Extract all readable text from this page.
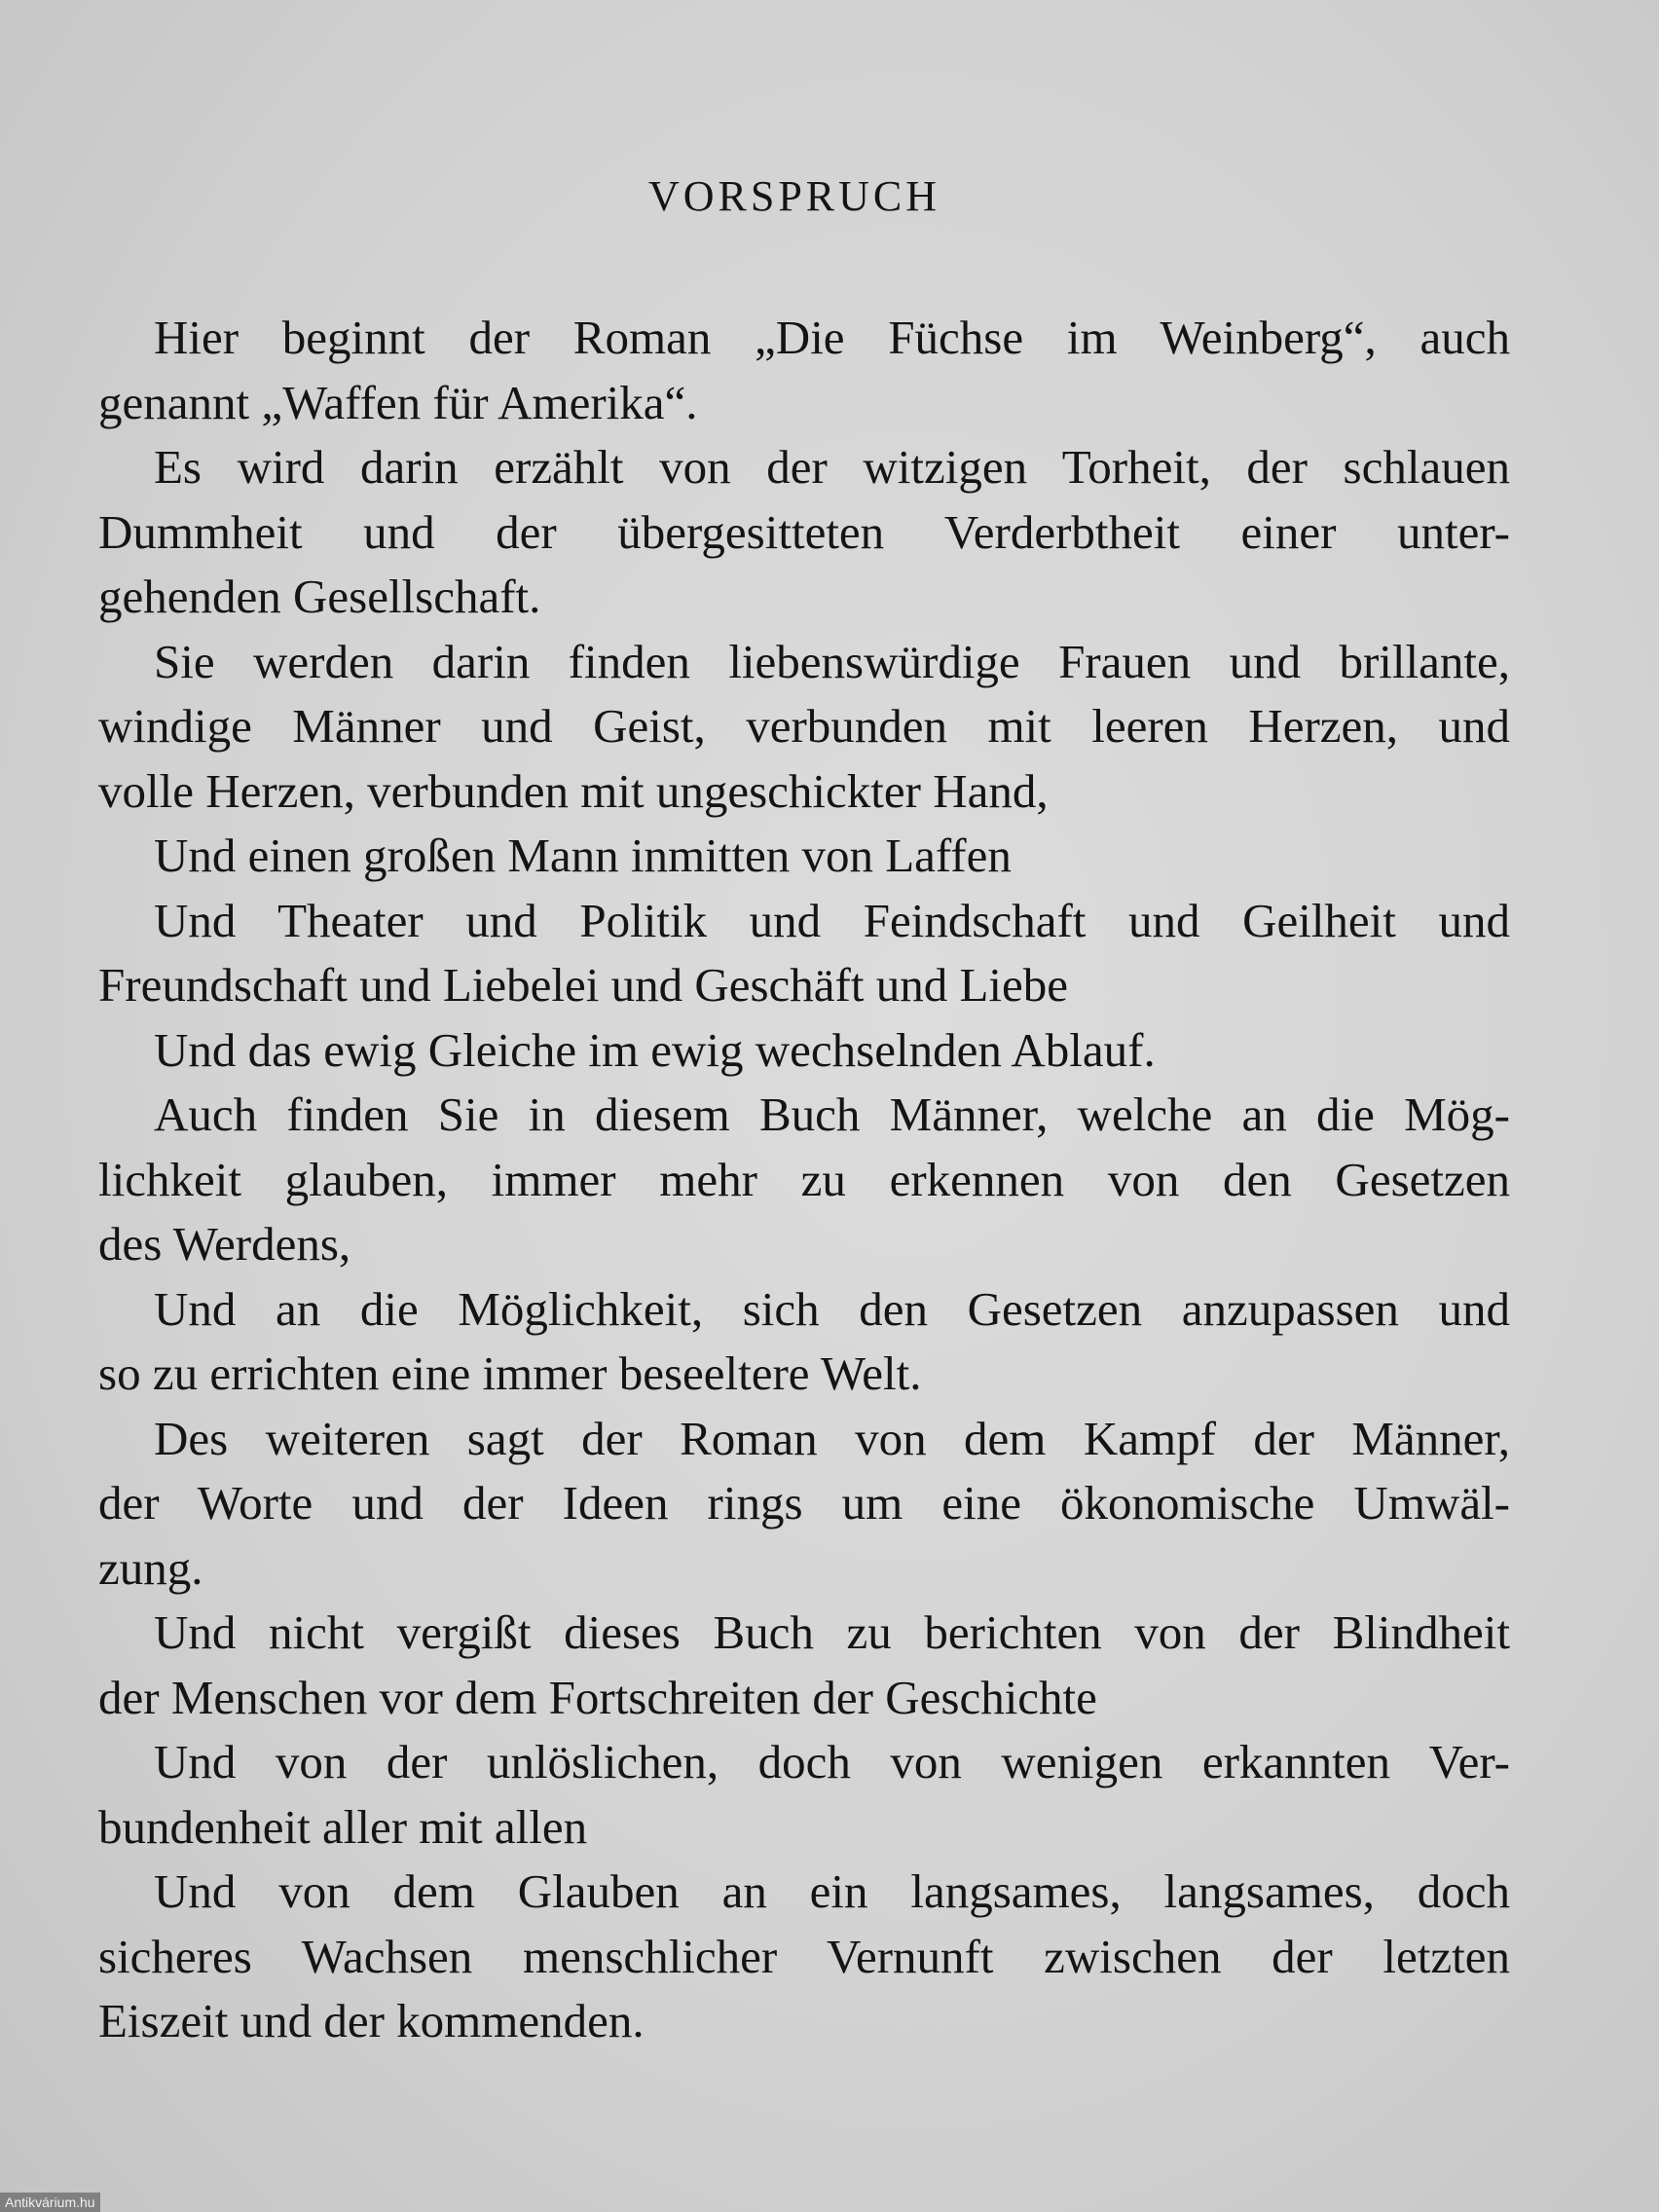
VORSPRUCH
Hier beginnt der Roman „Die Füchse im Weinberg“, auch
genannt „Waffen für Amerika“.
Es wird darin erzählt von der witzigen Torheit, der schlauen
Dummheit und der übergesitteten Verderbtheit einer unter-
gehenden Gesellschaft.
Sie werden darin finden liebenswürdige Frauen und brillante,
windige Männer und Geist, verbunden mit leeren Herzen, und
volle Herzen, verbunden mit ungeschickter Hand,
Und einen großen Mann inmitten von Laffen
Und Theater und Politik und Feindschaft und Geilheit und
Freundschaft und Liebelei und Geschäft und Liebe
Und das ewig Gleiche im ewig wechselnden Ablauf.
Auch finden Sie in diesem Buch Männer, welche an die Mög-
lichkeit glauben, immer mehr zu erkennen von den Gesetzen
des Werdens,
Und an die Möglichkeit, sich den Gesetzen anzupassen und
so zu errichten eine immer beseeltere Welt.
Des weiteren sagt der Roman von dem Kampf der Männer,
der Worte und der Ideen rings um eine ökonomische Umwäl-
zung.
Und nicht vergißt dieses Buch zu berichten von der Blindheit
der Menschen vor dem Fortschreiten der Geschichte
Und von der unlöslichen, doch von wenigen erkannten Ver-
bundenheit aller mit allen
Und von dem Glauben an ein langsames, langsames, doch
sicheres Wachsen menschlicher Vernunft zwischen der letzten
Eiszeit und der kommenden.
Antikvárium.hu
